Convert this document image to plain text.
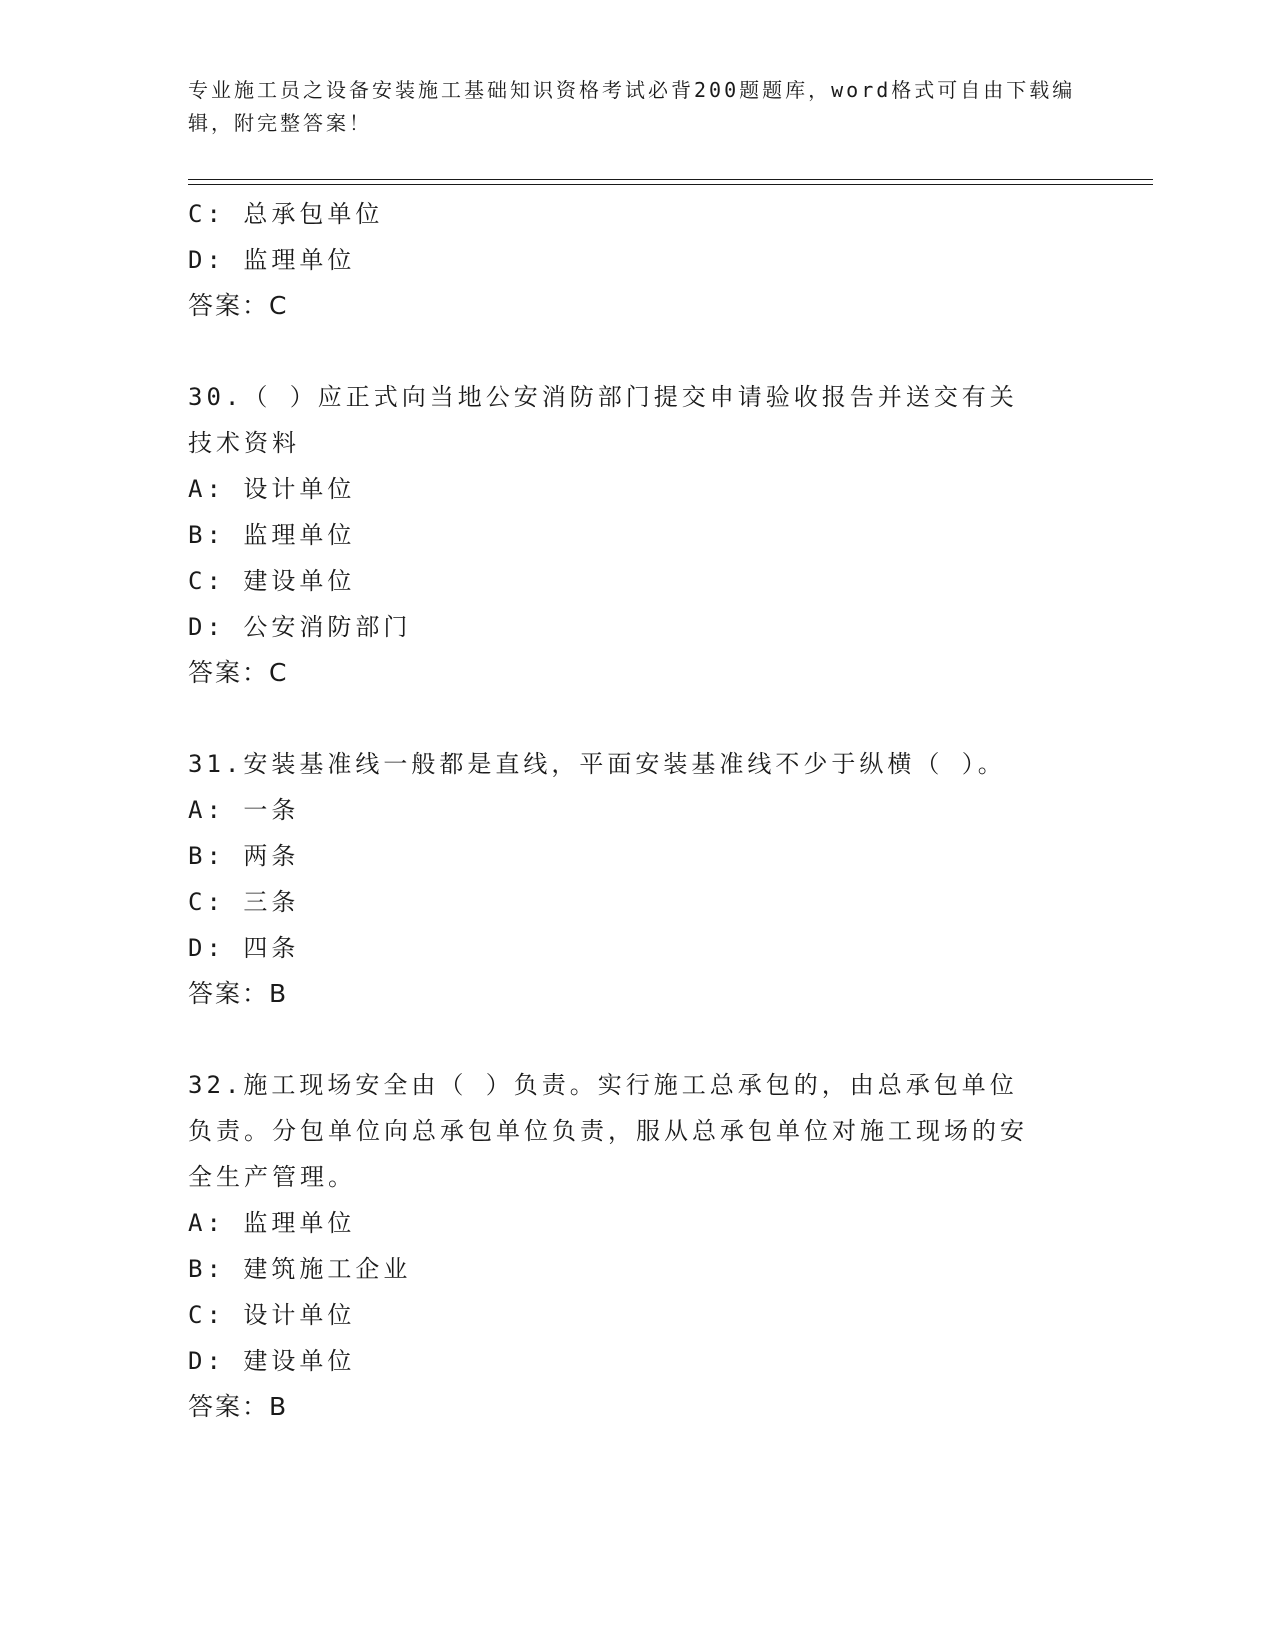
专业施工员之设备安装施工基础知识资格考试必背200题题库，word格式可自由下载编辑，附完整答案！
C: 总承包单位
D: 监理单位
答案：C
30.（ ）应正式向当地公安消防部门提交申请验收报告并送交有关技术资料
A: 设计单位
B: 监理单位
C: 建设单位
D: 公安消防部门
答案：C
31.安装基准线一般都是直线，平面安装基准线不少于纵横（ ）。
A: 一条
B: 两条
C: 三条
D: 四条
答案：B
32.施工现场安全由（ ）负责。实行施工总承包的，由总承包单位负责。分包单位向总承包单位负责，服从总承包单位对施工现场的安全生产管理。
A: 监理单位
B: 建筑施工企业
C: 设计单位
D: 建设单位
答案：B
